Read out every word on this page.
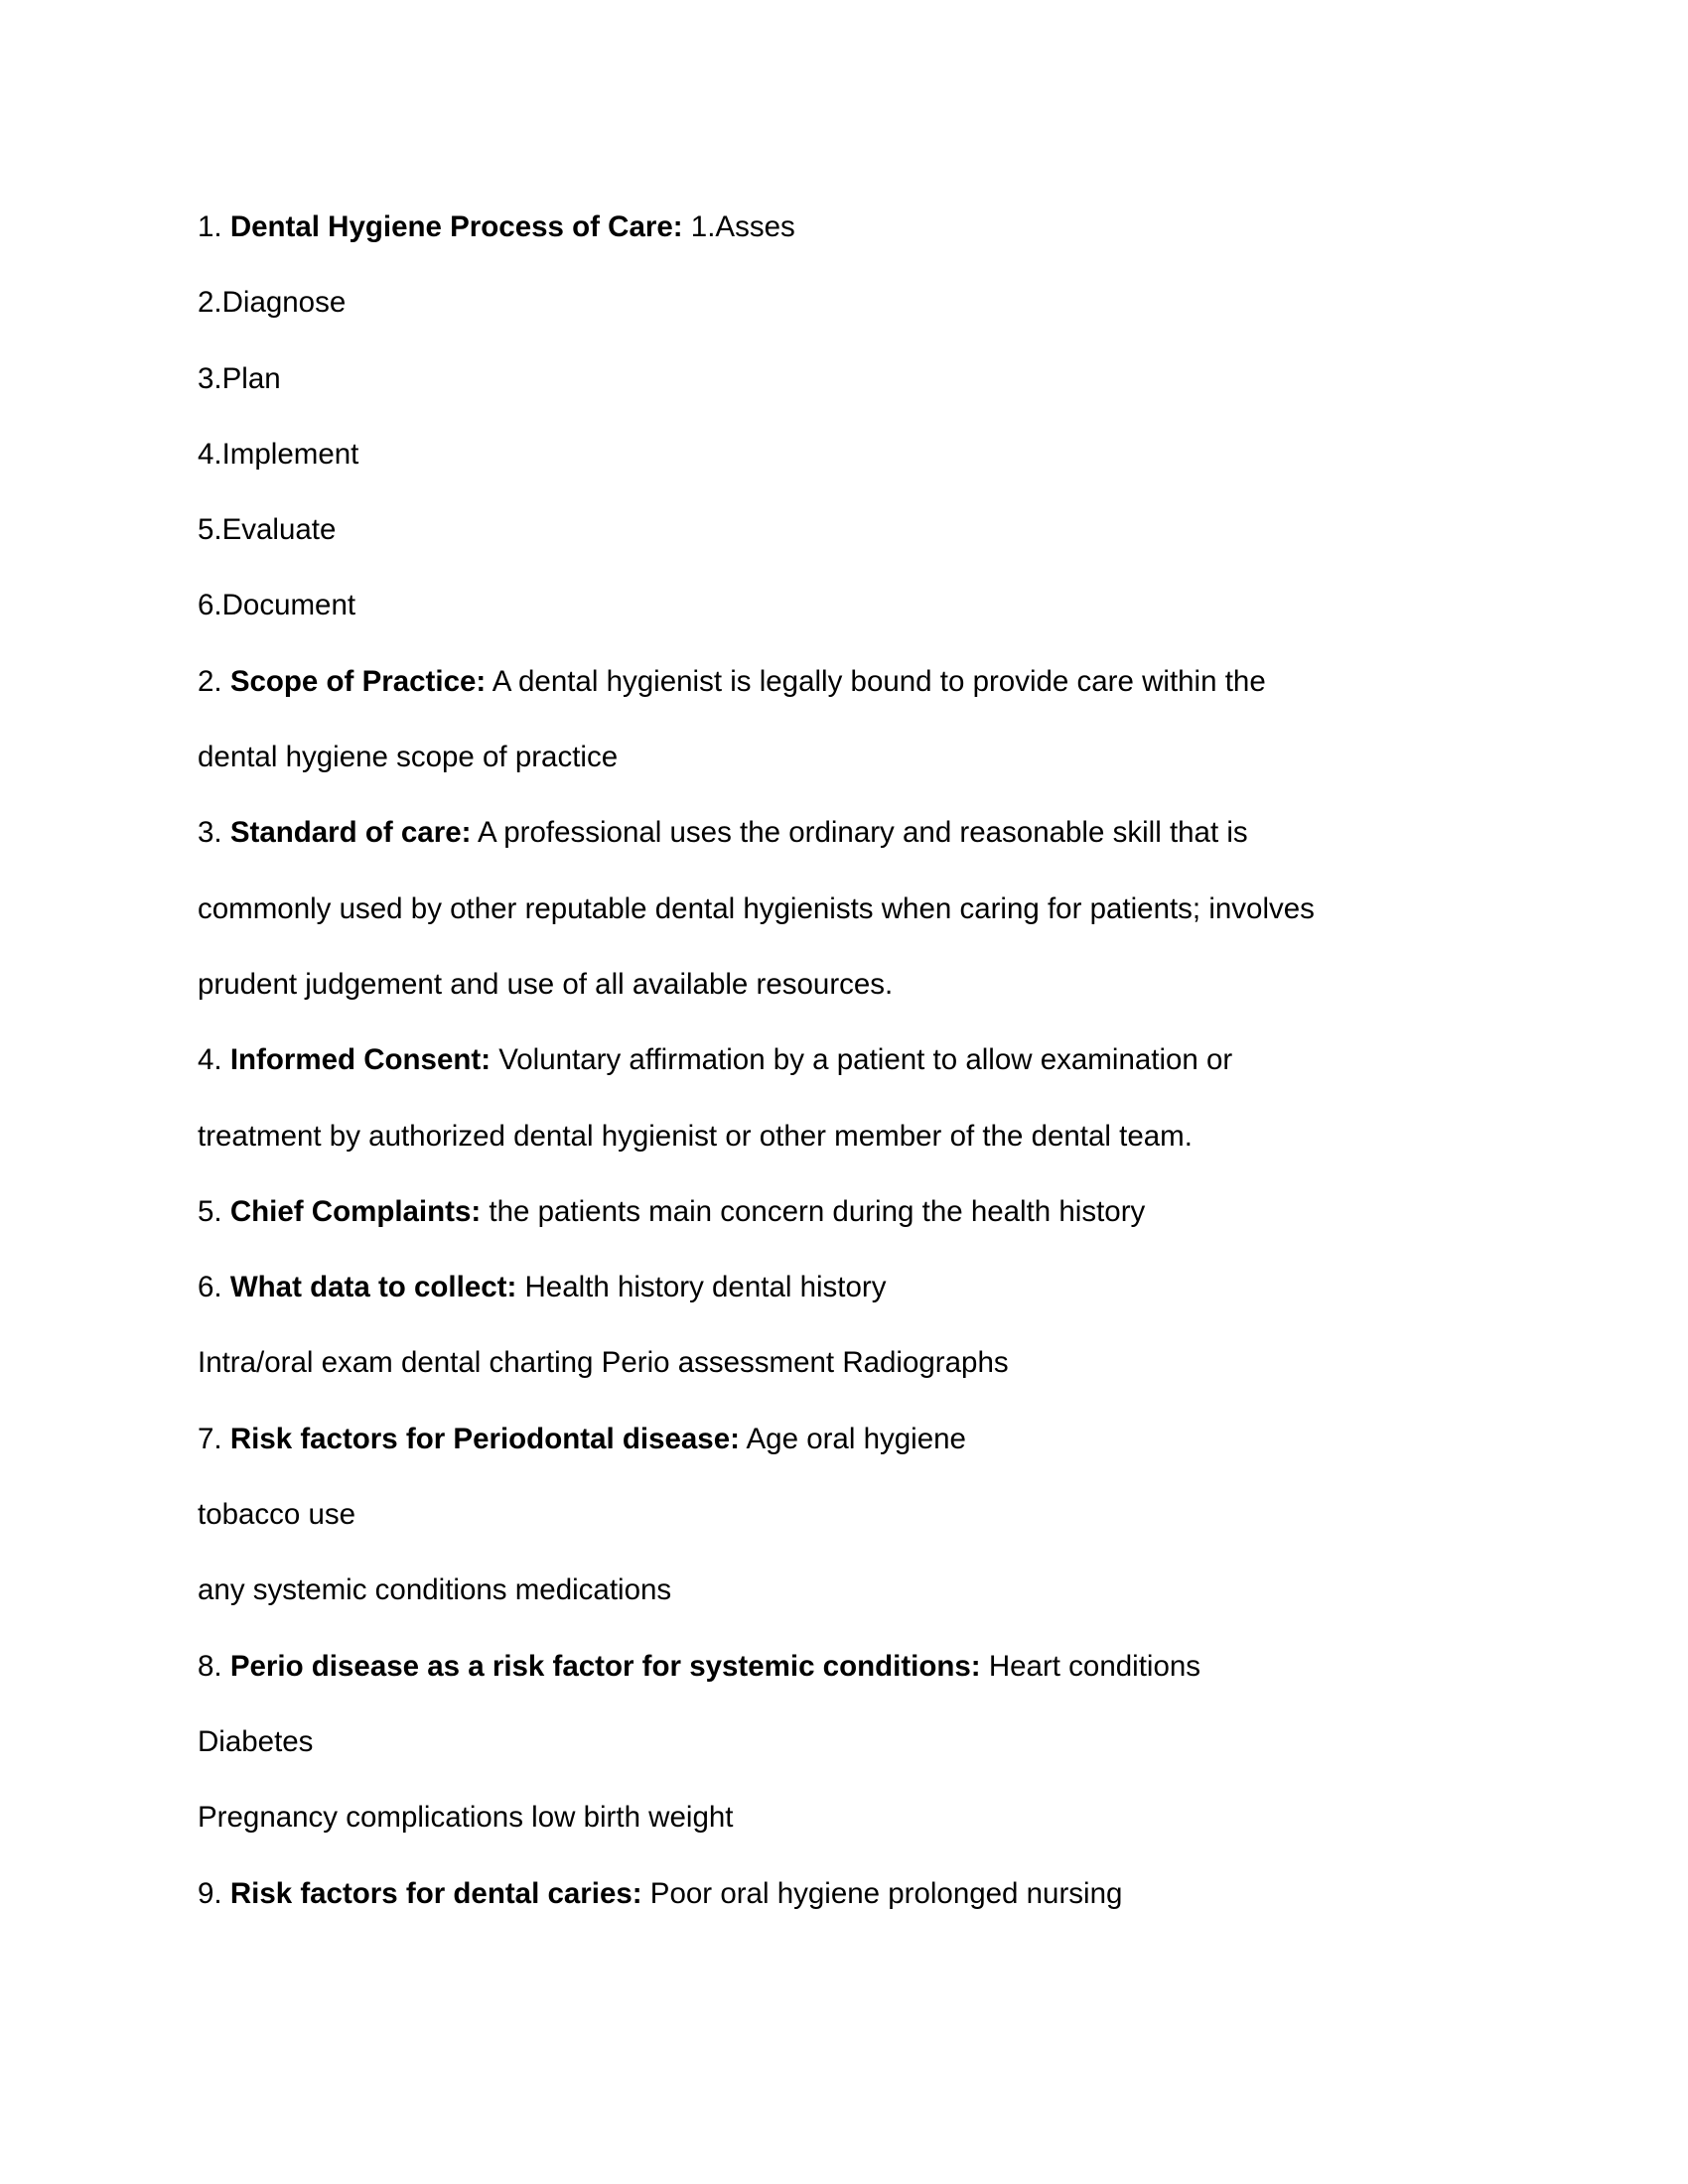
1. Dental Hygiene Process of Care: 1.Asses
2.Diagnose
3.Plan
4.Implement
5.Evaluate
6.Document
2. Scope of Practice: A dental hygienist is legally bound to provide care within the
dental hygiene scope of practice
3. Standard of care: A professional uses the ordinary and reasonable skill that is
commonly used by other reputable dental hygienists when caring for patients; involves
prudent judgement and use of all available resources.
4. Informed Consent: Voluntary affirmation by a patient to allow examination or
treatment by authorized dental hygienist or other member of the dental team.
5. Chief Complaints: the patients main concern during the health history
6. What data to collect: Health history dental history
Intra/oral exam dental charting Perio assessment Radiographs
7. Risk factors for Periodontal disease: Age oral hygiene
tobacco use
any systemic conditions medications
8. Perio disease as a risk factor for systemic conditions: Heart conditions
Diabetes
Pregnancy complications low birth weight
9. Risk factors for dental caries: Poor oral hygiene prolonged nursing
